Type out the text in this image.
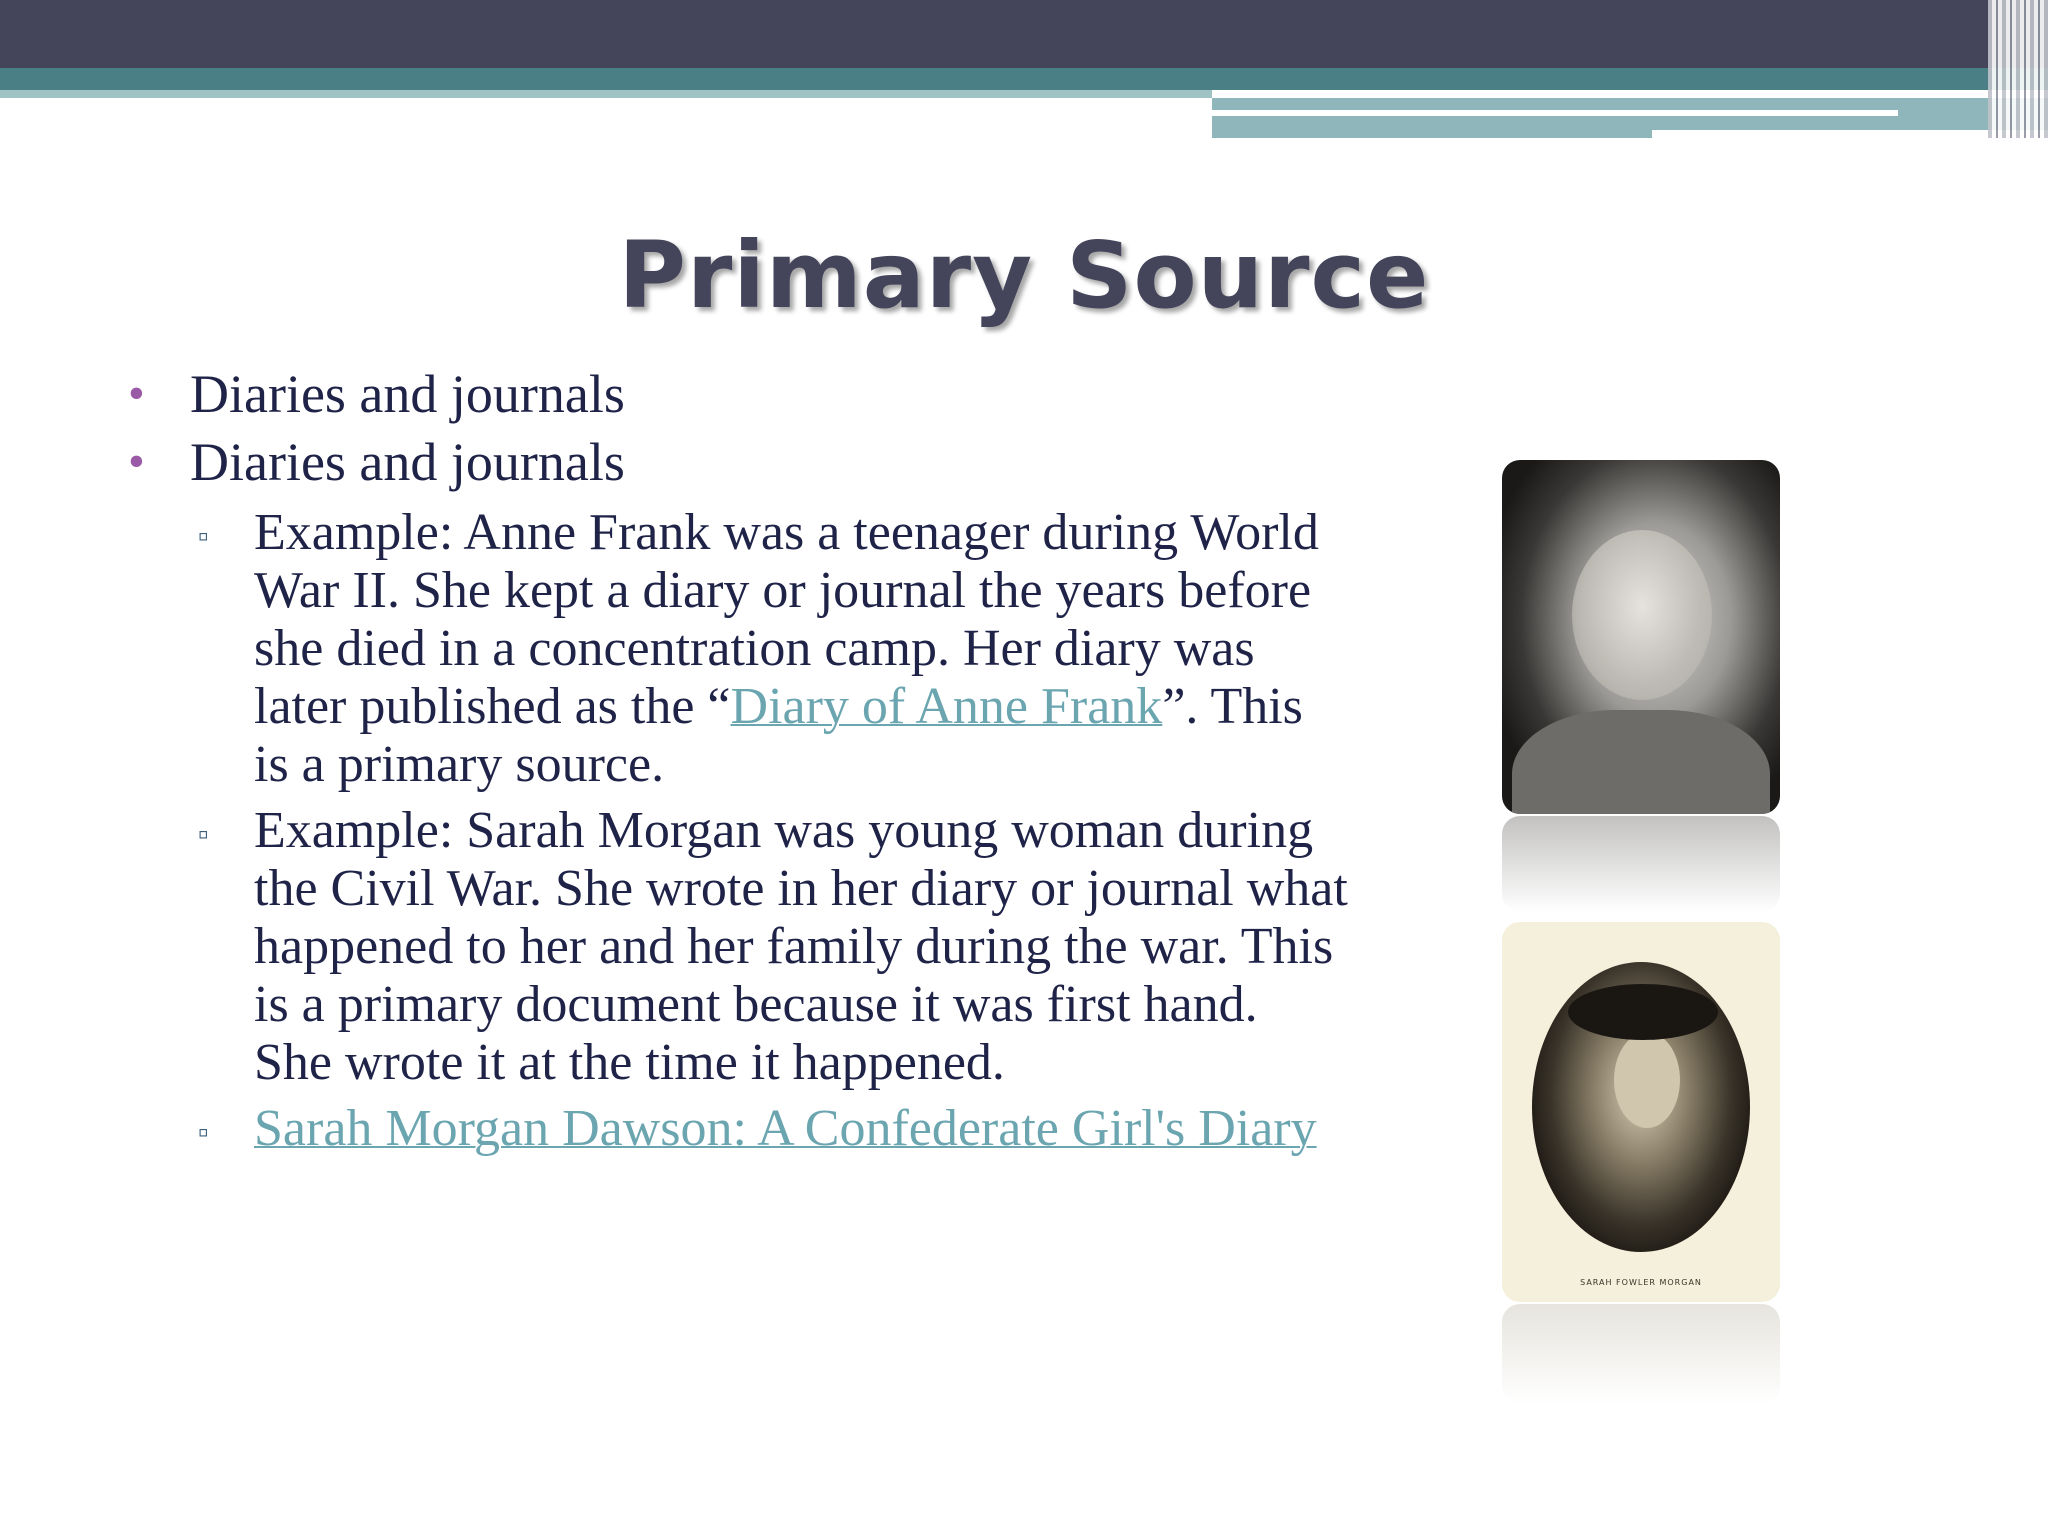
Primary Source
• Diaries and journals
• Diaries and journals
▫ Example: Anne Frank was a teenager during World War II. She kept a diary or journal the years before she died in a concentration camp. Her diary was later published as the “Diary of Anne Frank”. This is a primary source.
▫ Example: Sarah Morgan was young woman during the Civil War. She wrote in her diary or journal what happened to her and her family during the war. This is a primary document because it was first hand. She wrote it at the time it happened.
▫ Sarah Morgan Dawson: A Confederate Girl's Diary
SARAH FOWLER MORGAN
